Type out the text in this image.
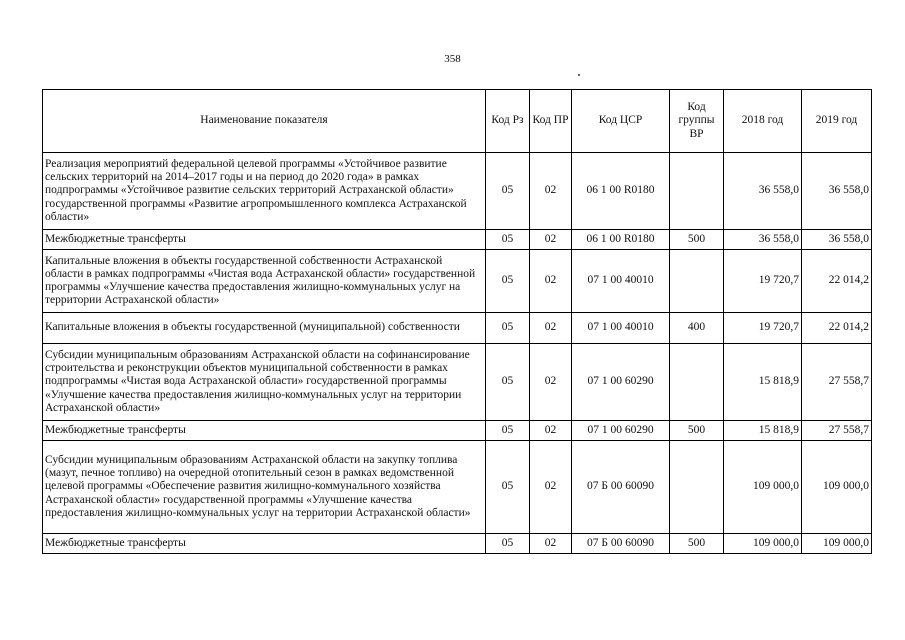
358
Наименование показателя	Код Рз	Код ПР	Код ЦСР	Код группы ВР	2018 год	2019 год
Реализация мероприятий федеральной целевой программы «Устойчивое развитие сельских территорий на 2014–2017 годы и на период до 2020 года» в рамках подпрограммы «Устойчивое развитие сельских территорий Астраханской области» государственной программы «Развитие агропромышленного комплекса Астраханской области»	05	02	06 1 00 R0180		36 558,0	36 558,0
Межбюджетные трансферты	05	02	06 1 00 R0180	500	36 558,0	36 558,0
Капитальные вложения в объекты государственной собственности Астраханской области в рамках подпрограммы «Чистая вода Астраханской области» государственной программы «Улучшение качества предоставления жилищно-коммунальных услуг на территории Астраханской области»	05	02	07 1 00 40010		19 720,7	22 014,2
Капитальные вложения в объекты государственной (муниципальной) собственности	05	02	07 1 00 40010	400	19 720,7	22 014,2
Субсидии муниципальным образованиям Астраханской области на софинансирование строительства и реконструкции объектов муниципальной собственности в рамках подпрограммы «Чистая вода Астраханской области» государственной программы «Улучшение качества предоставления жилищно-коммунальных услуг на территории Астраханской области»	05	02	07 1 00 60290		15 818,9	27 558,7
Межбюджетные трансферты	05	02	07 1 00 60290	500	15 818,9	27 558,7
Субсидии муниципальным образованиям Астраханской области на закупку топлива (мазут, печное топливо) на очередной отопительный сезон в рамках ведомственной целевой программы «Обеспечение развития жилищно-коммунального хозяйства Астраханской области» государственной программы «Улучшение качества предоставления жилищно-коммунальных услуг на территории Астраханской области»	05	02	07 Б 00 60090		109 000,0	109 000,0
Межбюджетные трансферты	05	02	07 Б 00 60090	500	109 000,0	109 000,0
